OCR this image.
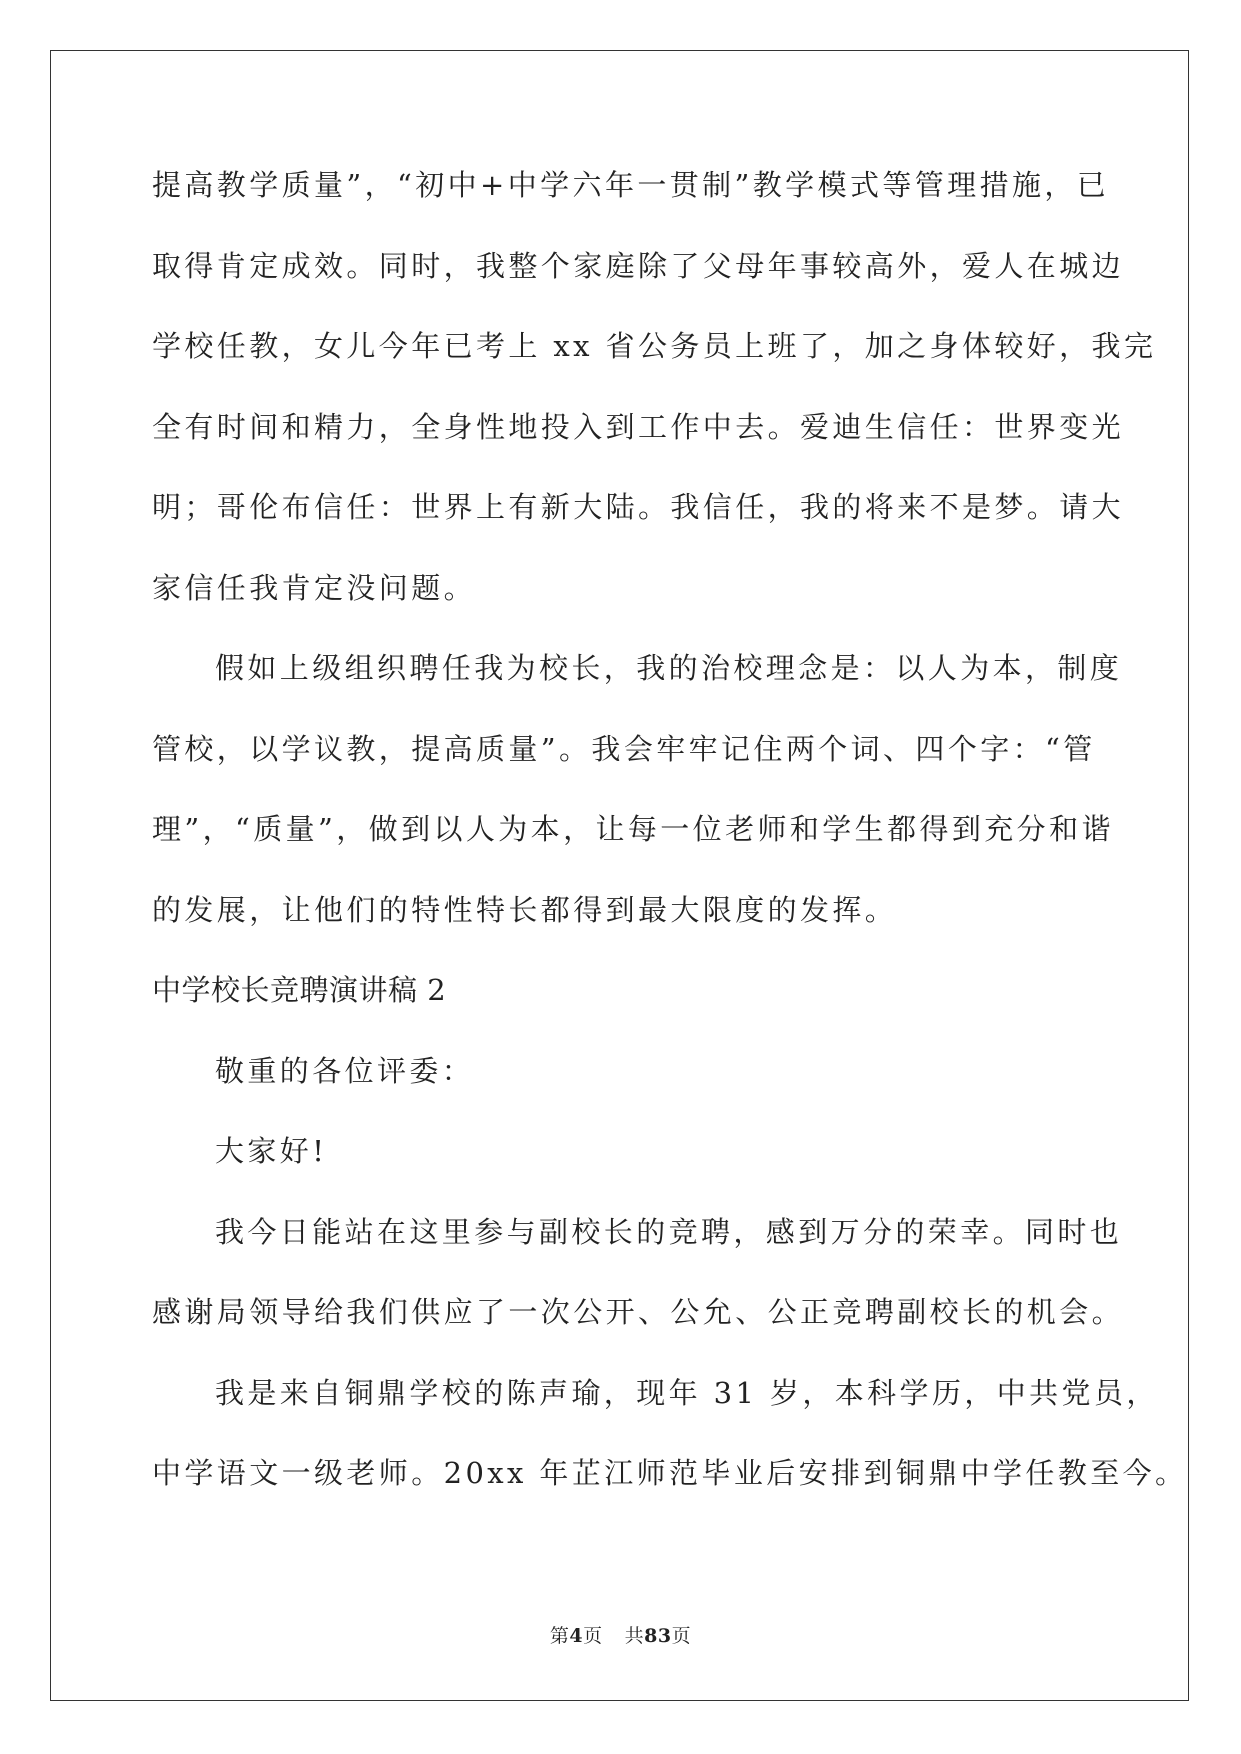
提高教学质量”，“初中+中学六年一贯制”教学模式等管理措施，已
取得肯定成效。同时，我整个家庭除了父母年事较高外，爱人在城边
学校任教，女儿今年已考上 xx 省公务员上班了，加之身体较好，我完
全有时间和精力，全身性地投入到工作中去。爱迪生信任：世界变光
明；哥伦布信任：世界上有新大陆。我信任，我的将来不是梦。请大
家信任我肯定没问题。
假如上级组织聘任我为校长，我的治校理念是：以人为本，制度
管校，以学议教，提高质量”。我会牢牢记住两个词、四个字：“管
理”，“质量”，做到以人为本，让每一位老师和学生都得到充分和谐
的发展，让他们的特性特长都得到最大限度的发挥。
中学校长竞聘演讲稿 2
敬重的各位评委：
大家好!
我今日能站在这里参与副校长的竞聘，感到万分的荣幸。同时也
感谢局领导给我们供应了一次公开、公允、公正竞聘副校长的机会。
我是来自铜鼎学校的陈声瑜，现年 31 岁，本科学历，中共党员，
中学语文一级老师。20xx 年芷江师范毕业后安排到铜鼎中学任教至今。
第4页 共83页
